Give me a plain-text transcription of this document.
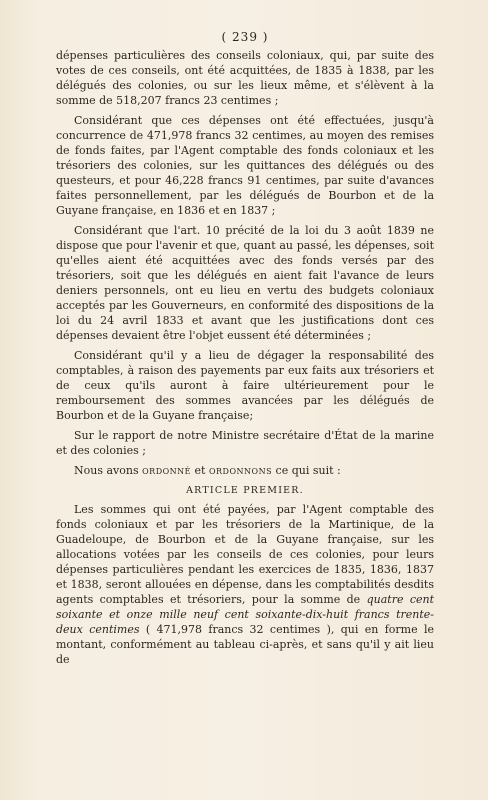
( 239 )

dépenses particulières des conseils coloniaux, qui, par suite des votes de ces conseils, ont été acquittées, de 1835 à 1838, par les délégués des colonies, ou sur les lieux même, et s'élèvent à la somme de 518,207 francs 23 centimes ;

Considérant que ces dépenses ont été effectuées, jusqu'à concurrence de 471,978 francs 32 centimes, au moyen des remises de fonds faites, par l'Agent comptable des fonds coloniaux et les trésoriers des colonies, sur les quittances des délégués ou des questeurs, et pour 46,228 francs 91 centimes, par suite d'avances faites personnellement, par les délégués de Bourbon et de la Guyane française, en 1836 et en 1837 ;

Considérant que l'art. 10 précité de la loi du 3 août 1839 ne dispose que pour l'avenir et que, quant au passé, les dépenses, soit qu'elles aient été acquittées avec des fonds versés par des trésoriers, soit que les délégués en aient fait l'avance de leurs deniers personnels, ont eu lieu en vertu des budgets coloniaux acceptés par les Gouverneurs, en conformité des dispositions de la loi du 24 avril 1833 et avant que les justifications dont ces dépenses devaient être l'objet eussent été déterminées ;

Considérant qu'il y a lieu de dégager la responsabilité des comptables, à raison des payements par eux faits aux trésoriers et de ceux qu'ils auront à faire ultérieurement pour le remboursement des sommes avancées par les délégués de Bourbon et de la Guyane française;

Sur le rapport de notre Ministre secrétaire d'État de la marine et des colonies ;

Nous avons ordonné et ordonnons ce qui suit :

ARTICLE PREMIER.

Les sommes qui ont été payées, par l'Agent comptable des fonds coloniaux et par les trésoriers de la Martinique, de la Guadeloupe, de Bourbon et de la Guyane française, sur les allocations votées par les conseils de ces colonies, pour leurs dépenses particulières pendant les exercices de 1835, 1836, 1837 et 1838, seront allouées en dépense, dans les comptabilités desdits agents comptables et trésoriers, pour la somme de quatre cent soixante et onze mille neuf cent soixante-dix-huit francs trente-deux centimes ( 471,978 francs 32 centimes ), qui en forme le montant, conformément au tableau ci-après, et sans qu'il y ait lieu de
